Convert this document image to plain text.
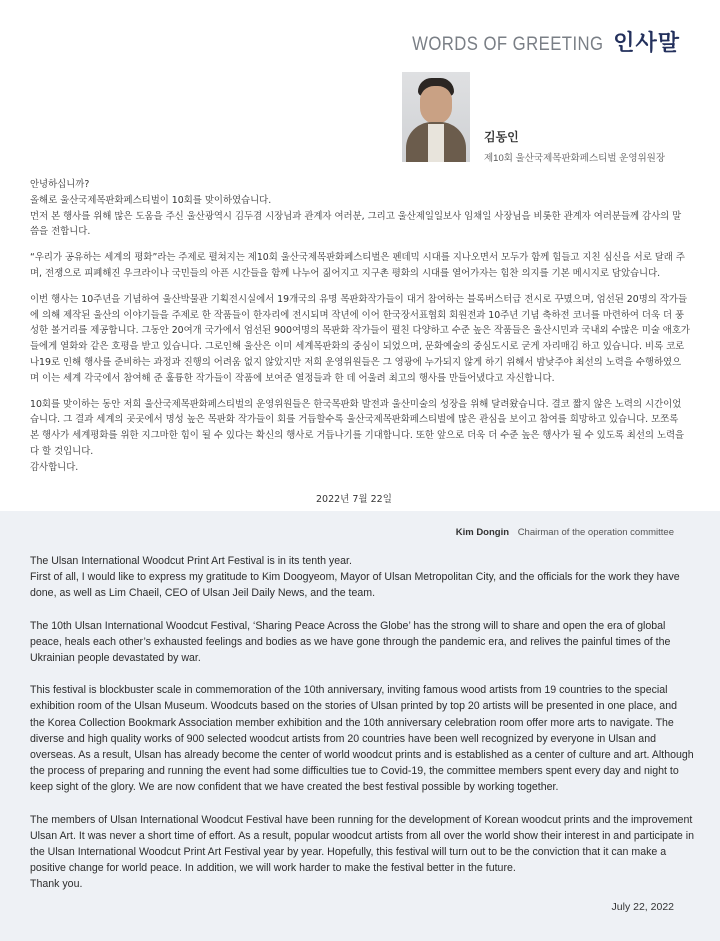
WORDS OF GREETING 인사말
김동인
제10회 울산국제목판화페스티벌 운영위원장

안녕하십니까?
올해로 울산국제목판화페스티벌이 10회를 맞이하였습니다.
먼저 본 행사를 위해 많은 도움을 주신 울산광역시 김두겸 시장님과 관계자 여러분, 그리고 울산제일일보사 임채일 사장님을 비롯한 관계자 여러분들께 감사의 말씀을 전합니다.

“우리가 공유하는 세계의 평화”라는 주제로 펼쳐지는 제10회 울산국제목판화페스티벌은 펜데믹 시대를 지나오면서 모두가 함께 힘들고 지친 심신을 서로 달래 주며, 전쟁으로 피폐해진 우크라이나 국민들의 아픈 시간들을 함께 나누어 짊어지고 지구촌 평화의 시대를 열어가자는 힘찬 의지를 기본 메시지로 담았습니다.

이번 행사는 10주년을 기념하여 울산박물관 기획전시실에서 19개국의 유명 목판화작가들이 대거 참여하는 블록버스터급 전시로 꾸몄으며, 엄선된 20명의 작가들에 의해 제작된 울산의 이야기들을 주제로 한 작품들이 한자리에 전시되며 작년에 이어 한국장서표협회 회원전과 10주년 기념 축하전 코너를 마련하여 더욱 더 풍성한 볼거리를 제공합니다. 그동안 20여개 국가에서 엄선된 900여명의 목판화 작가들이 펼친 다양하고 수준 높은 작품들은 울산시민과 국내외 수많은 미술 애호가들에게 열화와 같은 호평을 받고 있습니다. 그로인해 울산은 이미 세계목판화의 중심이 되었으며, 문화예술의 중심도시로 굳게 자리매김 하고 있습니다. 비록 코로나19로 인해 행사를 준비하는 과정과 진행의 어려움 없지 않았지만 저희 운영위원들은 그 영광에 누가되지 않게 하기 위해서 밤낮주야 최선의 노력을 수행하였으며 이는 세계 각국에서 참여해 준 훌륭한 작가들이 작품에 보여준 열정들과 한 데 어울려 최고의 행사를 만들어냈다고 자신합니다.

10회를 맞이하는 동안 저희 울산국제목판화페스티벌의 운영위원들은 한국목판화 발전과 울산미술의 성장을 위해 달려왔습니다. 결코 짧지 않은 노력의 시간이었습니다. 그 결과 세계의 곳곳에서 명성 높은 목판화 작가들이 회를 거듭할수록 울산국제목판화페스티벌에 많은 관심을 보이고 참여를 희망하고 있습니다. 모쪼록 본 행사가 세계평화를 위한 지그마한 힘이 될 수 있다는 확신의 행사로 거듭나기를 기대합니다. 또한 앞으로 더욱 더 수준 높은 행사가 될 수 있도록 최선의 노력을 다 할 것입니다.
감사합니다.

2022년 7월 22일
Kim Dongin Chairman of the operation committee

The Ulsan International Woodcut Print Art Festival is in its tenth year.
First of all, I would like to express my gratitude to Kim Doogyeom, Mayor of Ulsan Metropolitan City, and the officials for the work they have done, as well as Lim Chaeil, CEO of Ulsan Jeil Daily News, and the team.

The 10th Ulsan International Woodcut Festival, ‘Sharing Peace Across the Globe’ has the strong will to share and open the era of global peace, heals each other’s exhausted feelings and bodies as we have gone through the pandemic era, and relives the painful times of the Ukrainian people devastated by war.

This festival is blockbuster scale in commemoration of the 10th anniversary, inviting famous wood artists from 19 countries to the special exhibition room of the Ulsan Museum. Woodcuts based on the stories of Ulsan printed by top 20 artists will be presented in one place, and the Korea Collection Bookmark Association member exhibition and the 10th anniversary celebration room offer more arts to navigate. The diverse and high quality works of 900 selected woodcut artists from 20 countries have been well recognized by everyone in Ulsan and overseas. As a result, Ulsan has already become the center of world woodcut prints and is established as a center of culture and art. Although the process of preparing and running the event had some difficulties tue to Covid-19, the committee members spent every day and night to keep sight of the glory. We are now confident that we have created the best festival possible by working together.

The members of Ulsan International Woodcut Festival have been running for the development of Korean woodcut prints and the improvement Ulsan Art. It was never a short time of effort. As a result, popular woodcut artists from all over the world show their interest in and participate in the Ulsan International Woodcut Print Art Festival year by year. Hopefully, this festival will turn out to be the conviction that it can make a positive change for world peace. In addition, we will work harder to make the festival better in the future.
Thank you.

July 22, 2022
